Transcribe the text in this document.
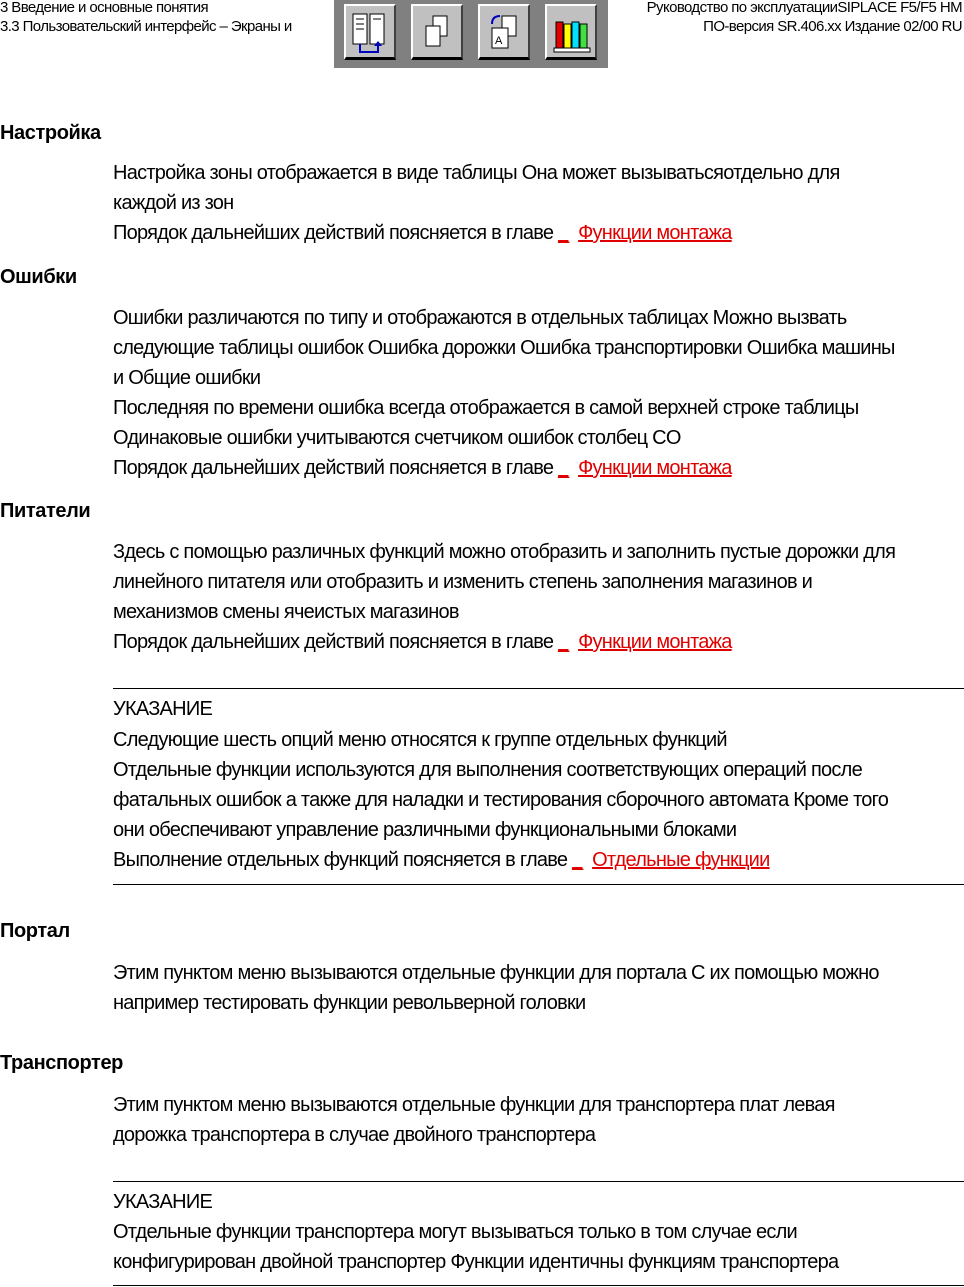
3 Введение и основные понятия
3.3 Пользовательский интерфейс – Экраны и
Руководство по эксплуатацииSIPLACE F5/F5 HM
ПО-версия SR.406.xx Издание 02/00 RU
A
Настройка
Настройка зоны отображается в виде таблицы Она может вызыватьсяотдельно для
каждой из зон
Порядок дальнейших действий поясняется в главе _ Функции монтажа
Ошибки
Ошибки различаются по типу и отображаются в отдельных таблицах Можно вызвать
следующие таблицы ошибок Ошибка дорожки Ошибка транспортировки Ошибка машины
и Общие ошибки
Последняя по времени ошибка всегда отображается в самой верхней строке таблицы
Одинаковые ошибки учитываются счетчиком ошибок столбец CO
Порядок дальнейших действий поясняется в главе _ Функции монтажа
Питатели
Здесь с помощью различных функций можно отобразить и заполнить пустые дорожки для
линейного питателя или отобразить и изменить степень заполнения магазинов и
механизмов смены ячеистых магазинов
Порядок дальнейших действий поясняется в главе _ Функции монтажа
УКАЗАНИЕ
Следующие шесть опций меню относятся к группе отдельных функций
Отдельные функции используются для выполнения соответствующих операций после
фатальных ошибок а также для наладки и тестирования сборочного автомата Кроме того
они обеспечивают управление различными функциональными блоками
Выполнение отдельных функций поясняется в главе _ Отдельные функции
Портал
Этим пунктом меню вызываются отдельные функции для портала С их помощью можно
например тестировать функции револьверной головки
Транспортер
Этим пунктом меню вызываются отдельные функции для транспортера плат левая
дорожка транспортера в случае двойного транспортера
УКАЗАНИЕ
Отдельные функции транспортера могут вызываться только в том случае если
конфигурирован двойной транспортер Функции идентичны функциям транспортера
